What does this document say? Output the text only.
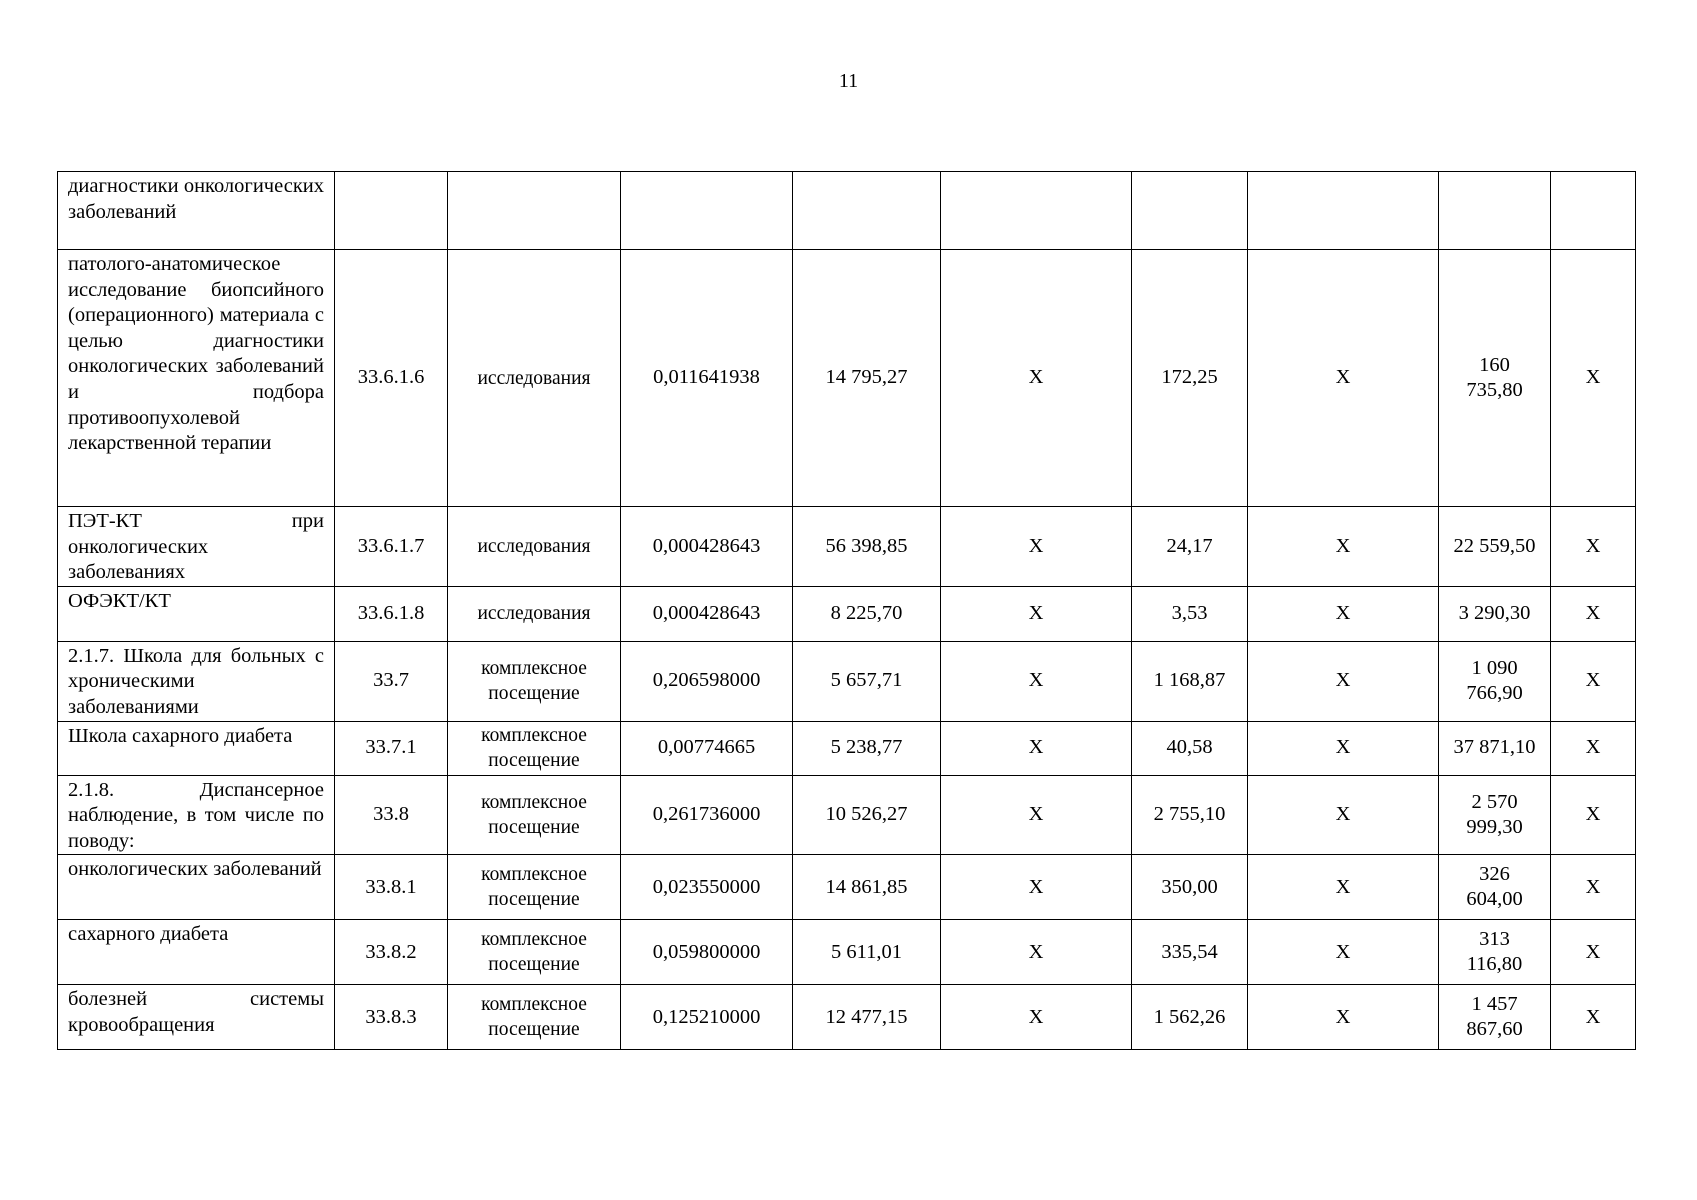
11
диагностики онкологических заболеваний									
патолого-анатомическое исследование биопсийного (операционного) материала с целью диагностики онкологических заболеваний и подбора противоопухолевой лекарственной терапии	33.6.1.6	исследования	0,011641938	14 795,27	X	172,25	X	160 735,80	X
ПЭТ-КТ при онкологических заболеваниях	33.6.1.7	исследования	0,000428643	56 398,85	X	24,17	X	22 559,50	X
ОФЭКТ/КТ	33.6.1.8	исследования	0,000428643	8 225,70	X	3,53	X	3 290,30	X
2.1.7. Школа для больных с хроническими заболеваниями	33.7	комплексное посещение	0,206598000	5 657,71	X	1 168,87	X	1 090 766,90	X
Школа сахарного диабета	33.7.1	комплексное посещение	0,00774665	5 238,77	X	40,58	X	37 871,10	X
2.1.8. Диспансерное наблюдение, в том числе по поводу:	33.8	комплексное посещение	0,261736000	10 526,27	X	2 755,10	X	2 570 999,30	X
онкологических заболеваний	33.8.1	комплексное посещение	0,023550000	14 861,85	X	350,00	X	326 604,00	X
сахарного диабета	33.8.2	комплексное посещение	0,059800000	5 611,01	X	335,54	X	313 116,80	X
болезней системы кровообращения	33.8.3	комплексное посещение	0,125210000	12 477,15	X	1 562,26	X	1 457 867,60	X
